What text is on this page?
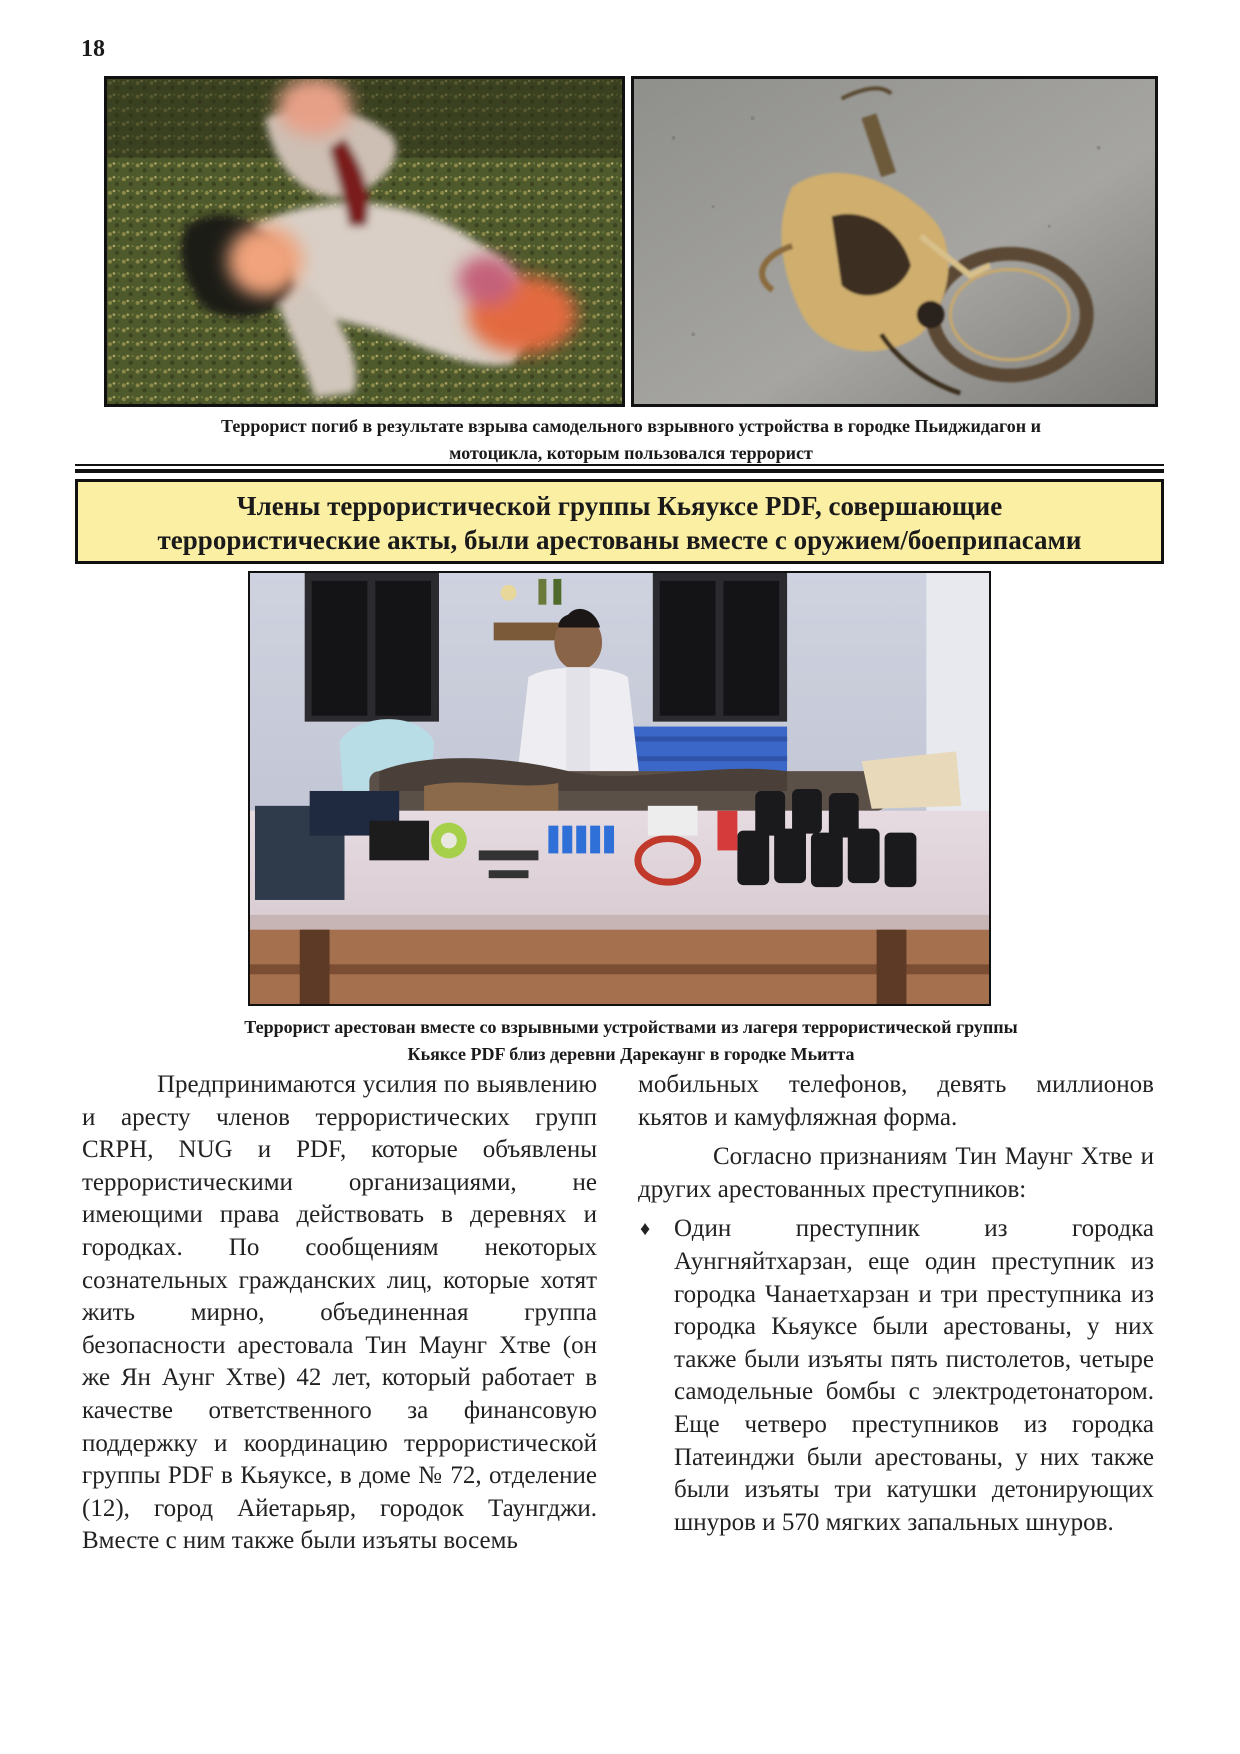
18
Террорист погиб в результате взрыва самодельного взрывного устройства в городке Пьиджидагон и
мотоцикла, которым пользовался террорист
Члены террористической группы Кьяуксе PDF, совершающие
террористические акты, были арестованы вместе с оружием/боеприпасами
Террорист арестован вместе со взрывными устройствами из лагеря террористической группы
Кьяксе PDF близ деревни Дарекаунг в городке Мьитта

Предпринимаются усилия по выявлению и аресту членов террористических групп CRPH, NUG и PDF, которые объявлены террористическими организациями, не имеющими права действовать в деревнях и городках. По сообщениям некоторых сознательных гражданских лиц, которые хотят жить мирно, объединенная группа безопасности арестовала Тин Маунг Хтве (он же Ян Аунг Хтве) 42 лет, который работает в качестве ответственного за финансовую поддержку и координацию террористической группы PDF в Кьяуксе, в доме № 72, отделение (12), город Айетарьяр, городок Таунгджи. Вместе с ним также были изъяты восемь

мобильных телефонов, девять миллионов кьятов и камуфляжная форма.

Согласно признаниям Тин Маунг Хтве и других арестованных преступников:

♦ Один преступник из городка Аунгняйтхарзан, еще один преступник из городка Чанаетхарзан и три преступника из городка Кьяуксе были арестованы, у них также были изъяты пять пистолетов, четыре самодельные бомбы с электродетонатором. Еще четверо преступников из городка Патеинджи были арестованы, у них также были изъяты три катушки детонирующих шнуров и 570 мягких запальных шнуров.
